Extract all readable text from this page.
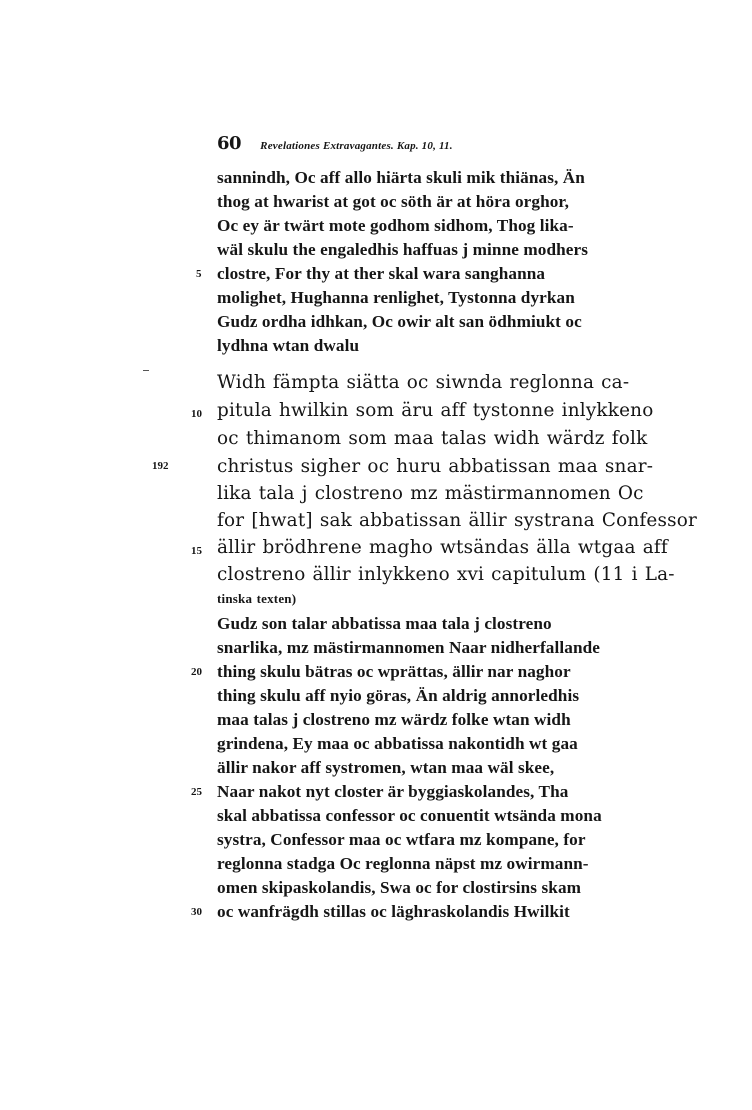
60 Revelationes Extravagantes. Kap. 10, 11.
sannindh, Oc aff allo hiärta skuli mik thiänas, Än
thog at hwarist at got oc söth är at höra orghor,
Oc ey är twärt mote godhom sidhom, Thog lika-
wäl skulu the engaledhis haffuas j minne modhers
clostre, For thy at ther skal wara sanghanna
molighet, Hughanna renlighet, Tystonna dyrkan
Gudz ordha idhkan, Oc owir alt san ödhmiukt oc
lydhna wtan dwalu
Widh fämpta siätta oc siwnda reglonna ca-
pitula hwilkin som äru aff tystonne inlykkeno
oc thimanom som maa talas widh wärdz folk
christus sigher oc huru abbatissan maa snar-
lika tala j clostreno mz mästirmannomen Oc
for [hwat] sak abbatissan ällir systrana Confessor
ällir brödhrene magho wtsändas älla wtgaa aff
clostreno ällir inlykkeno xvi capitulum (11 i La-
tinska texten)
Gudz son talar abbatissa maa tala j clostreno
snarlika, mz mästirmannomen Naar nidherfallande
thing skulu bätras oc wprättas, ällir nar naghor
thing skulu aff nyio göras, Än aldrig annorledhis
maa talas j clostreno mz wärdz folke wtan widh
grindena, Ey maa oc abbatissa nakontidh wt gaa
ällir nakor aff systromen, wtan maa wäl skee,
Naar nakot nyt closter är byggiaskolandes, Tha
skal abbatissa confessor oc conuentit wtsända mona
systra, Confessor maa oc wtfara mz kompane, for
reglonna stadga Oc reglonna näpst mz owirmann-
omen skipaskolandis, Swa oc for clostirsins skam
oc wanfrägdh stillas oc läghraskolandis Hwilkit
5
10
15
20
25
30
192
